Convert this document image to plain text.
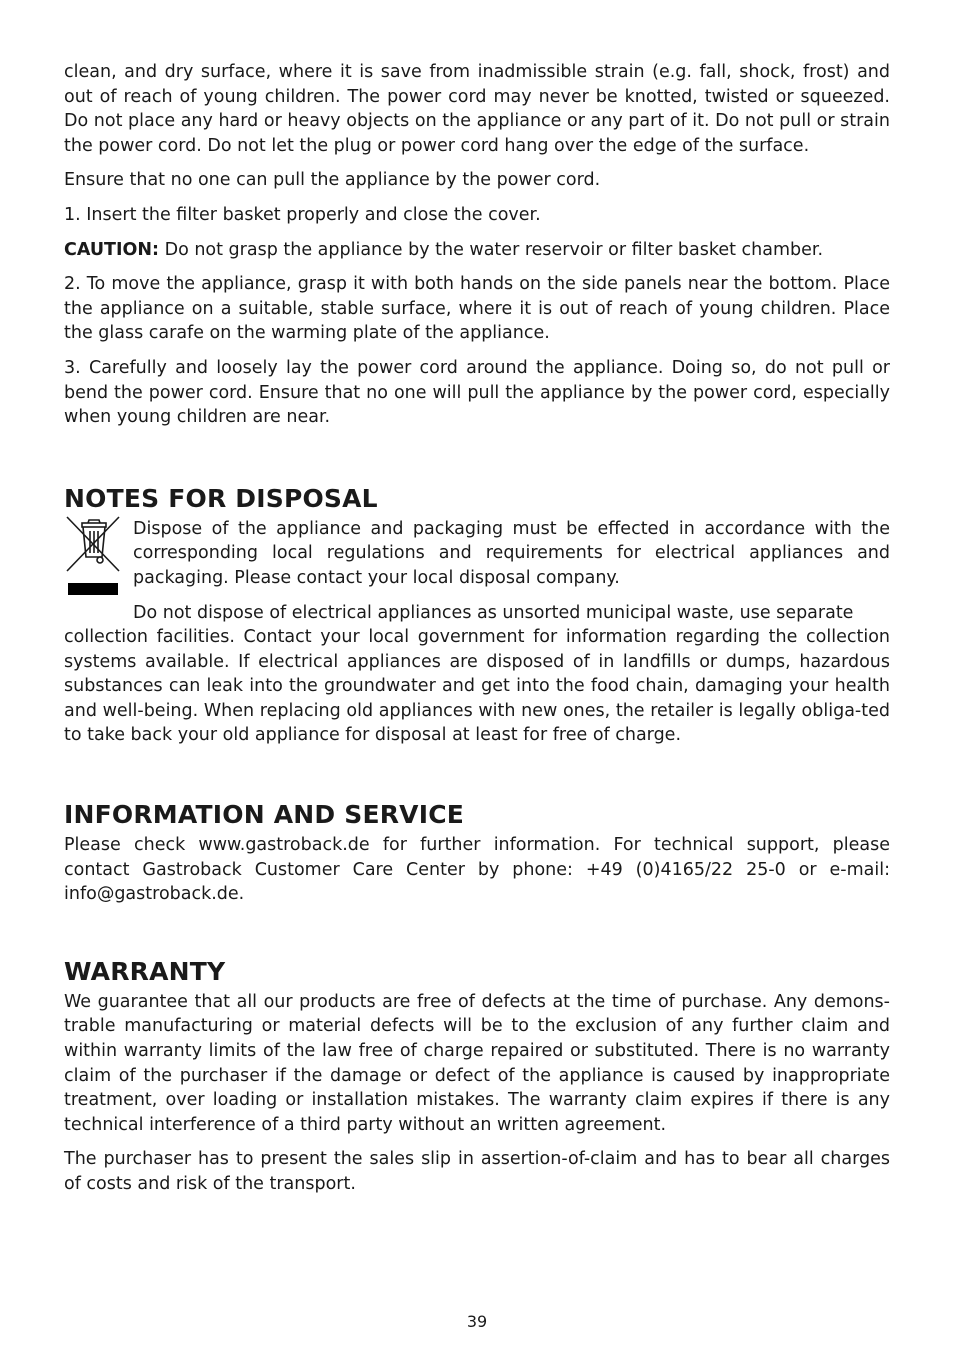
clean, and dry surface, where it is save from inadmissible strain (e.g. fall, shock, frost) and out of reach of young children. The power cord may never be knotted, twisted or squeezed. Do not place any hard or heavy objects on the appliance or any part of it. Do not pull or strain the power cord. Do not let the plug or power cord hang over the edge of the surface.

Ensure that no one can pull the appliance by the power cord.

1. Insert the filter basket properly and close the cover.

CAUTION: Do not grasp the appliance by the water reservoir or filter basket chamber.

2. To move the appliance, grasp it with both hands on the side panels near the bottom. Place the appliance on a suitable, stable surface, where it is out of reach of young children. Place the glass carafe on the warming plate of the appliance.

3. Carefully and loosely lay the power cord around the appliance. Doing so, do not pull or bend the power cord. Ensure that no one will pull the appliance by the power cord, especially when young children are near.

NOTES FOR DISPOSAL

Dispose of the appliance and packaging must be effected in accordance with the corresponding local regulations and requirements for electrical appliances and packaging. Please contact your local disposal company.

Do not dispose of electrical appliances as unsorted municipal waste, use separate

collection facilities. Contact your local government for information regarding the collection systems available. If electrical appliances are disposed of in landfills or dumps, hazardous substances can leak into the groundwater and get into the food chain, damaging your health and well-being. When replacing old appliances with new ones, the retailer is legally obliga-ted to take back your old appliance for disposal at least for free of charge.

INFORMATION AND SERVICE

Please check www.gastroback.de for further information. For technical support, please contact Gastroback Customer Care Center by phone: +49 (0)4165/22 25-0 or e-mail: info@gastroback.de.

WARRANTY

We guarantee that all our products are free of defects at the time of purchase. Any demons-trable manufacturing or material defects will be to the exclusion of any further claim and within warranty limits of the law free of charge repaired or substituted. There is no warranty claim of the purchaser if the damage or defect of the appliance is caused by inappropriate treatment, over loading or installation mistakes. The warranty claim expires if there is any technical interference of a third party without an written agreement.

The purchaser has to present the sales slip in assertion-of-claim and has to bear all charges of costs and risk of the transport.

39
